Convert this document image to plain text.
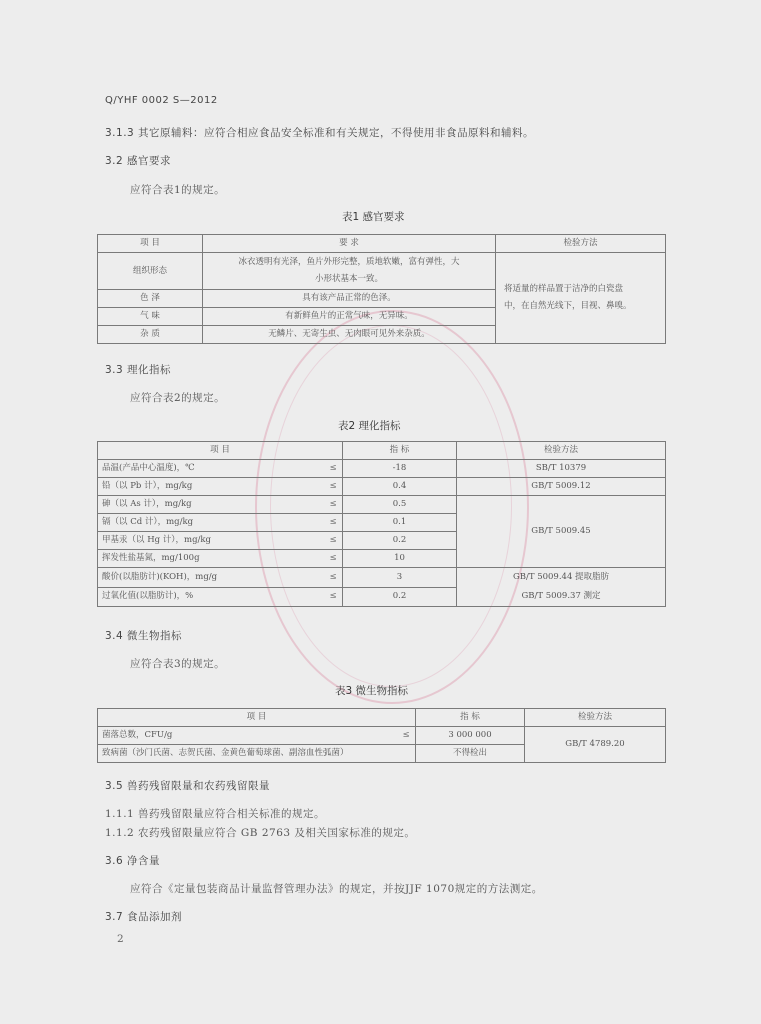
Q/YHF 0002 S—2012
3.1.3 其它原辅料：应符合相应食品安全标准和有关规定，不得使用非食品原料和辅料。
3.2 感官要求
应符合表1的规定。
表1 感官要求
项 目	要 求	检验方法
组织形态	冰衣透明有光泽，鱼片外形完整，质地软嫩，富有弹性，大
小形状基本一致。	将适量的样品置于洁净的白瓷盘
中，在自然光线下，目视、鼻嗅。
色 泽	具有该产品正常的色泽。	
气 味	有新鲜鱼片的正常气味，无异味。	
杂 质	无鳞片、无寄生虫、无肉眼可见外来杂质。	
3.3 理化指标
应符合表2的规定。
表2 理化指标
项 目		指 标	检验方法
品温(产品中心温度)，℃	≤	-18	SB/T 10379
铅（以 Pb 计），mg/kg	≤	0.4	GB/T 5009.12
砷（以 As 计），mg/kg	≤	0.5	GB/T 5009.45
镉（以 Cd 计），mg/kg	≤	0.1	
甲基汞（以 Hg 计），mg/kg	≤	0.2	
挥发性盐基氮，mg/100g	≤	10	
酸价(以脂肪计)(KOH)，mg/g	≤	3	GB/T 5009.44 提取脂肪
GB/T 5009.37 测定
过氧化值(以脂肪计)，%	≤	0.2	
3.4 微生物指标
应符合表3的规定。
表3 微生物指标
项 目		指 标	检验方法
菌落总数，CFU/g	≤	3 000 000	GB/T 4789.20
致病菌（沙门氏菌、志贺氏菌、金黄色葡萄球菌、副溶血性弧菌）		不得检出	
3.5 兽药残留限量和农药残留限量
1.1.1 兽药残留限量应符合相关标准的规定。
1.1.2 农药残留限量应符合 GB 2763 及相关国家标准的规定。
3.6 净含量
应符合《定量包装商品计量监督管理办法》的规定，并按JJF 1070规定的方法测定。
3.7 食品添加剂
2
